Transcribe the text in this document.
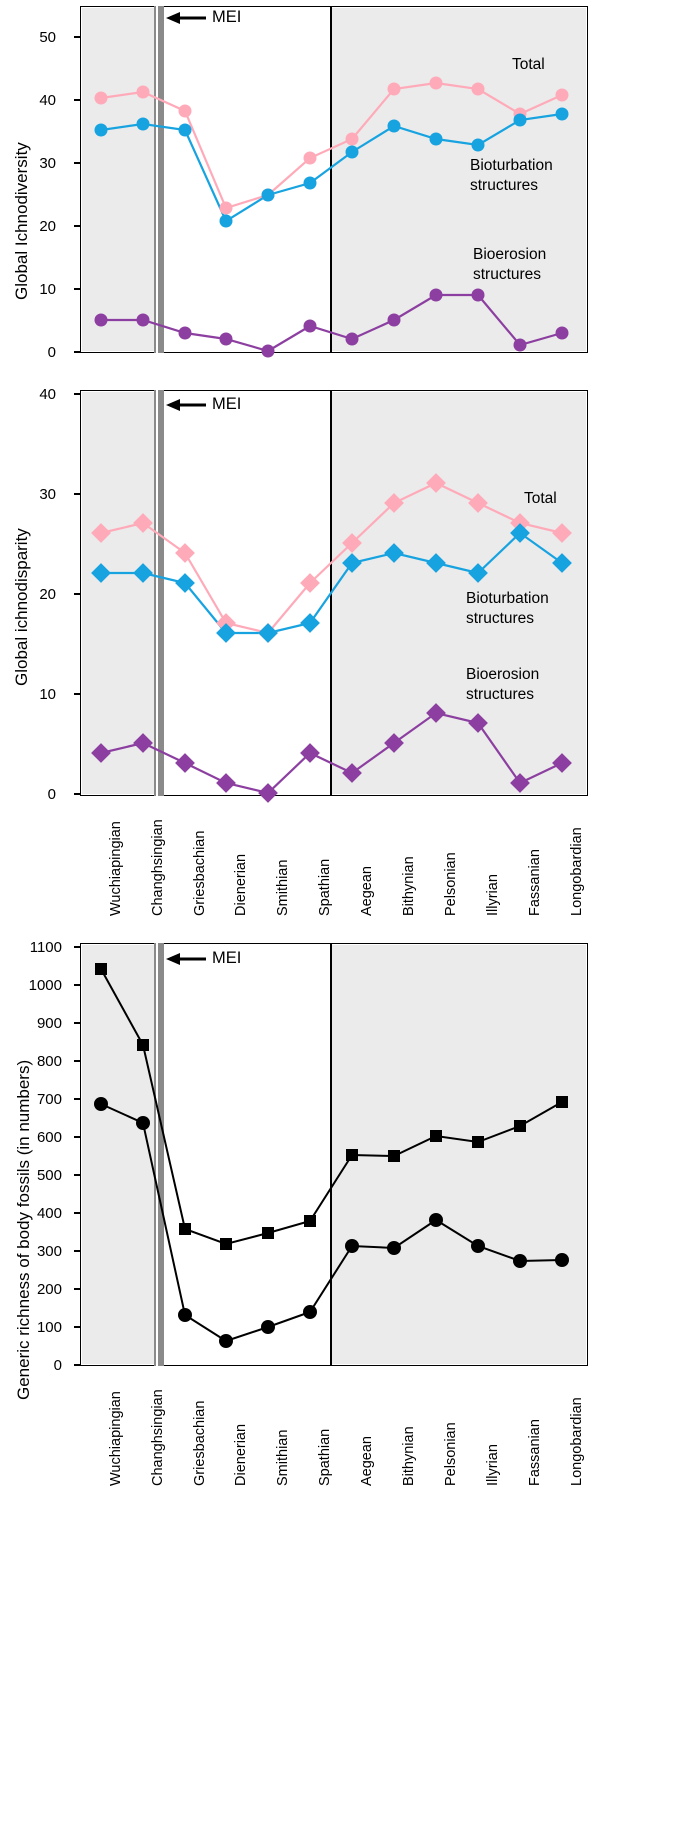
Global Ichnodiversity
50
40
30
20
10
0
MEI
Total
Bioturbation
structures
Bioerosion
structures
Global ichnodisparity
40
30
20
10
0
MEI
Total
Bioturbation
structures
Bioerosion
structures
Wuchiapingian Changhsingian Griesbachian Dienerian Smithian Spathian Aegean Bithynian Pelsonian Illyrian Fassanian Longobardian
Generic richness of body fossils (in numbers)
1100
1000
900
800
700
600
500
400
300
200
100
0
MEI
Wuchiapingian Changhsingian Griesbachian Dienerian Smithian Spathian Aegean Bithynian Pelsonian Illyrian Fassanian Longobardian
